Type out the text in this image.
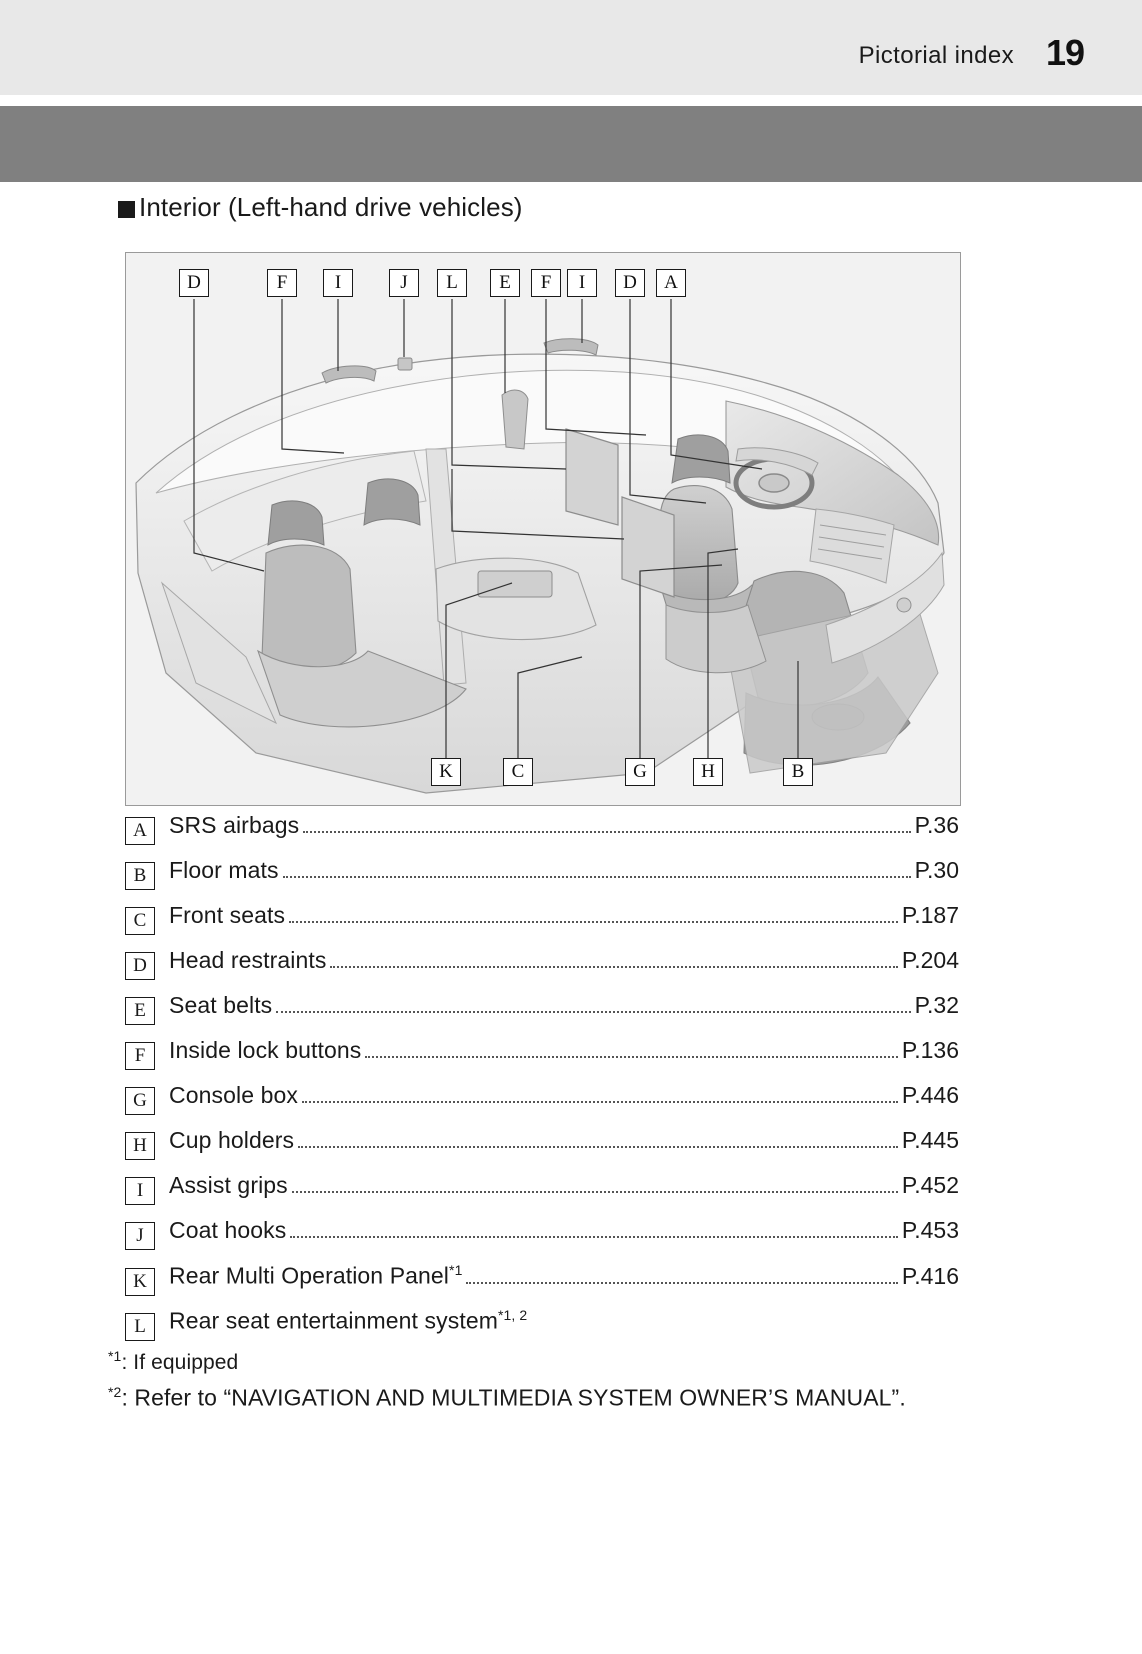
Pictorial index 19
Interior (Left-hand drive vehicles)
D	F	I	J	L	E	F	I	D	A
K	C	G	H	B
A SRS airbags	P.36
B Floor mats	P.30
C Front seats	P.187
D Head restraints	P.204
E	Seat belts	P.32
F	Inside lock buttons	P.136
G Console box	P.446
H Cup holders	P.445
I	Assist grips	P.452
J	Coat hooks	P.453
K Rear Multi Operation Panel$^{*1}$	P.416
L	Rear seat entertainment system$^{*1, 2}$
$^{*1}$: If equipped
$^{*2}$: Refer to “NAVIGATION AND MULTIMEDIA SYSTEM OWNER’S MANUAL”.
